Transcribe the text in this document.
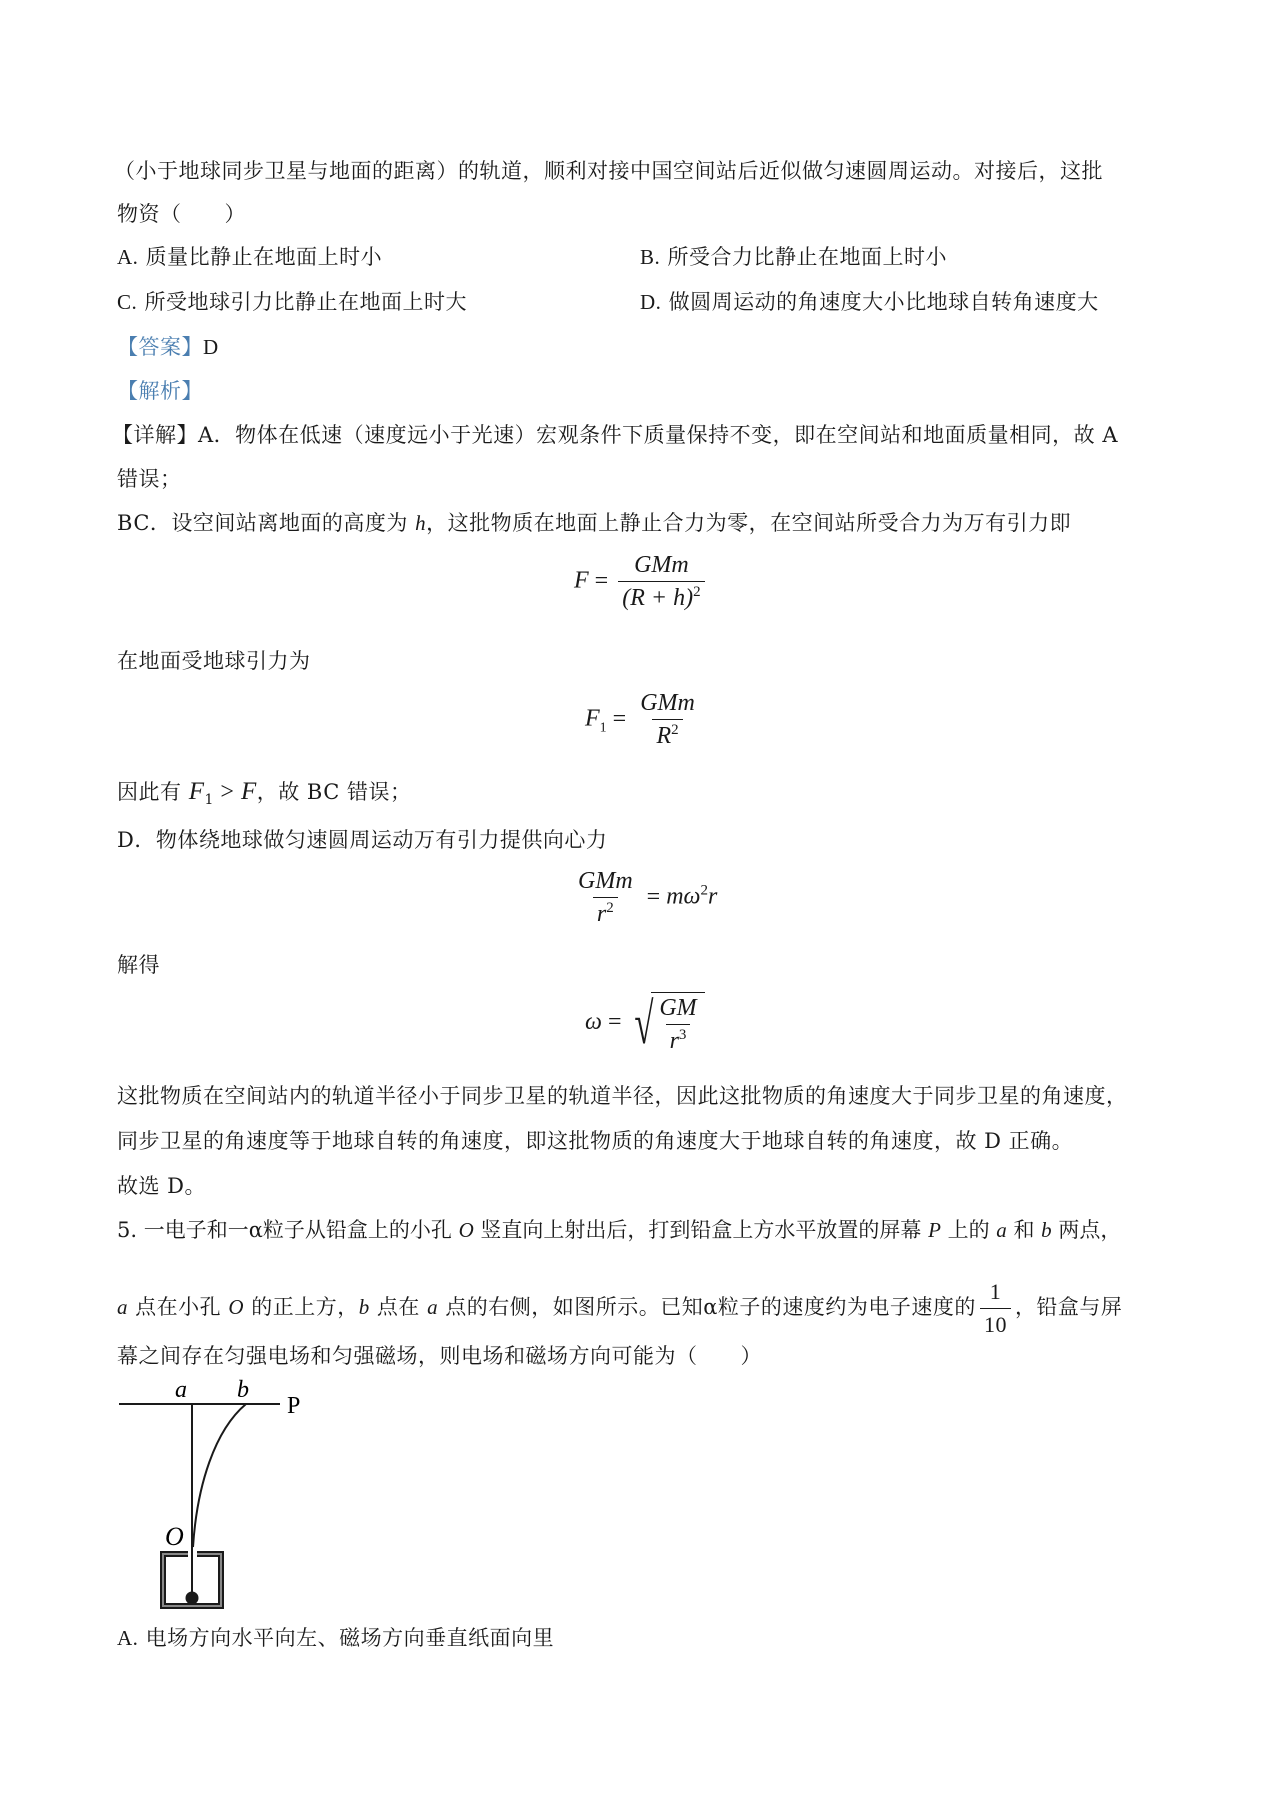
（小于地球同步卫星与地面的距离）的轨道，顺利对接中国空间站后近似做匀速圆周运动。对接后，这批
物资（　　）
A. 质量比静止在地面上时小	B. 所受合力比静止在地面上时小
C. 所受地球引力比静止在地面上时大	D. 做圆周运动的角速度大小比地球自转角速度大
【答案】D
【解析】
【详解】A．物体在低速（速度远小于光速）宏观条件下质量保持不变，即在空间站和地面质量相同，故 A
错误；
BC．设空间站离地面的高度为 h，这批物质在地面上静止合力为零，在空间站所受合力为万有引力即
$F = \frac{\text{GMm}}{(R + h)^2}$
在地面受地球引力为
$F_1 = \frac{\text{GMm}}{R^2}$
因此有 $F_1 > F$，故 BC 错误；
D．物体绕地球做匀速圆周运动万有引力提供向心力
$\frac{\text{GMm}}{r^2} = m\omega^2r$
解得
ω = √ $\frac{GM}{r^3}$
这批物质在空间站内的轨道半径小于同步卫星的轨道半径，因此这批物质的角速度大于同步卫星的角速度，
同步卫星的角速度等于地球自转的角速度，即这批物质的角速度大于地球自转的角速度，故 D 正确。
故选 D。
5. 一电子和一α粒子从铅盒上的小孔 O 竖直向上射出后，打到铅盒上方水平放置的屏幕 P 上的 a 和 b 两点，
a 点在小孔 O 的正上方，b 点在 a 点的右侧，如图所示。已知α粒子的速度约为电子速度的 $\frac{1}{10}$ ，铅盒与屏
幕之间存在匀强电场和匀强磁场，则电场和磁场方向可能为（　　）
a b
P
O
A. 电场方向水平向左、磁场方向垂直纸面向里
